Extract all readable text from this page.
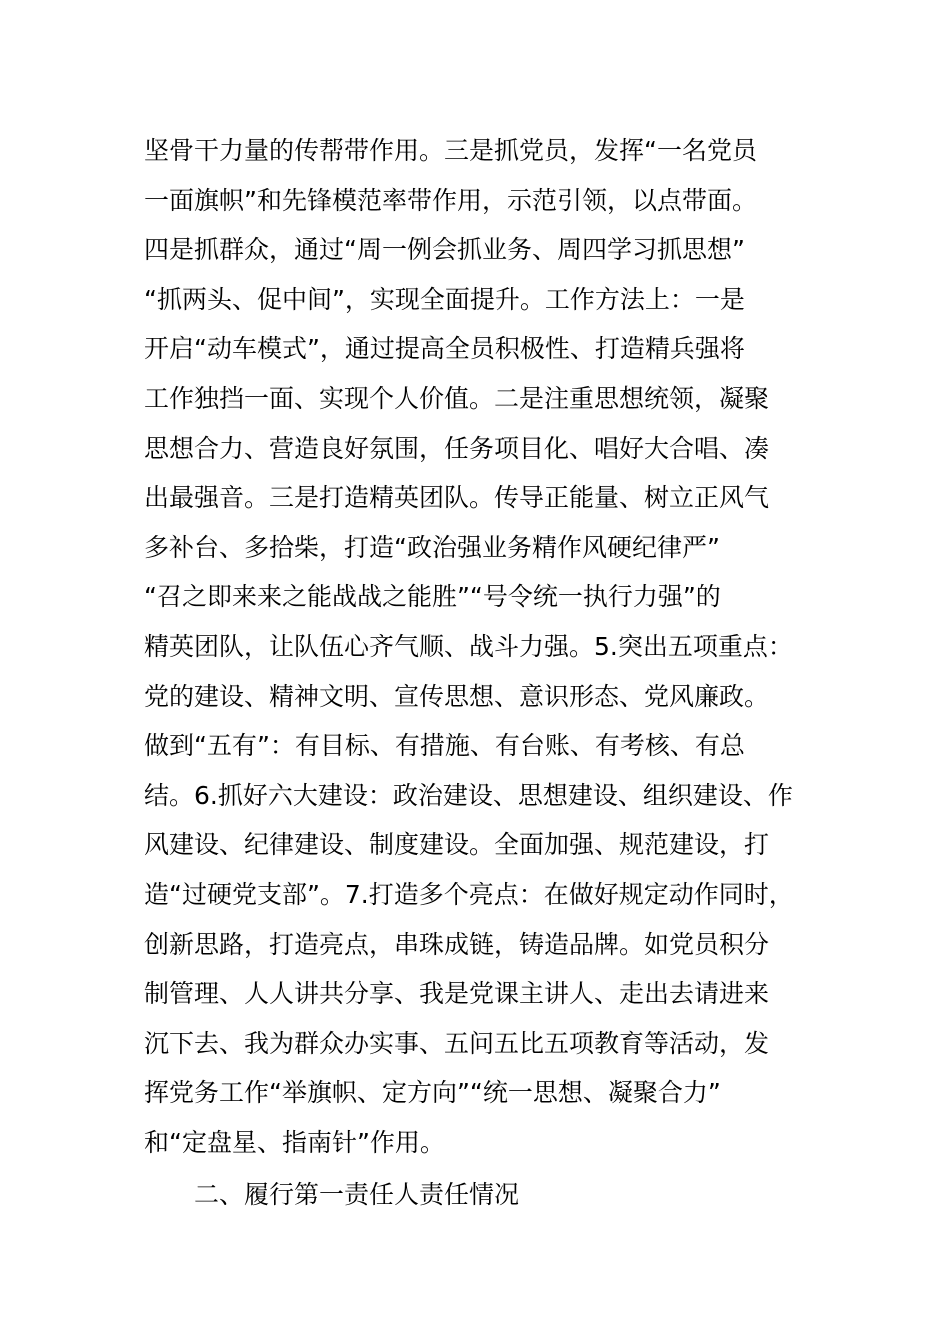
坚骨干力量的传帮带作用。三是抓党员，发挥“一名党员
一面旗帜”和先锋模范率带作用，示范引领，以点带面。
四是抓群众，通过“周一例会抓业务、周四学习抓思想”
“抓两头、促中间”，实现全面提升。工作方法上：一是
开启“动车模式”，通过提高全员积极性、打造精兵强将
工作独挡一面、实现个人价值。二是注重思想统领，凝聚
思想合力、营造良好氛围，任务项目化、唱好大合唱、凑
出最强音。三是打造精英团队。传导正能量、树立正风气
多补台、多拾柴，打造“政治强业务精作风硬纪律严”
“召之即来来之能战战之能胜”“号令统一执行力强”的
精英团队，让队伍心齐气顺、战斗力强。5.突出五项重点：
党的建设、精神文明、宣传思想、意识形态、党风廉政。
做到“五有”：有目标、有措施、有台账、有考核、有总
结。6.抓好六大建设：政治建设、思想建设、组织建设、作
风建设、纪律建设、制度建设。全面加强、规范建设，打
造“过硬党支部”。7.打造多个亮点：在做好规定动作同时，
创新思路，打造亮点，串珠成链，铸造品牌。如党员积分
制管理、人人讲共分享、我是党课主讲人、走出去请进来
沉下去、我为群众办实事、五问五比五项教育等活动，发
挥党务工作“举旗帜、定方向”“统一思想、凝聚合力”
和“定盘星、指南针”作用。
二、履行第一责任人责任情况
